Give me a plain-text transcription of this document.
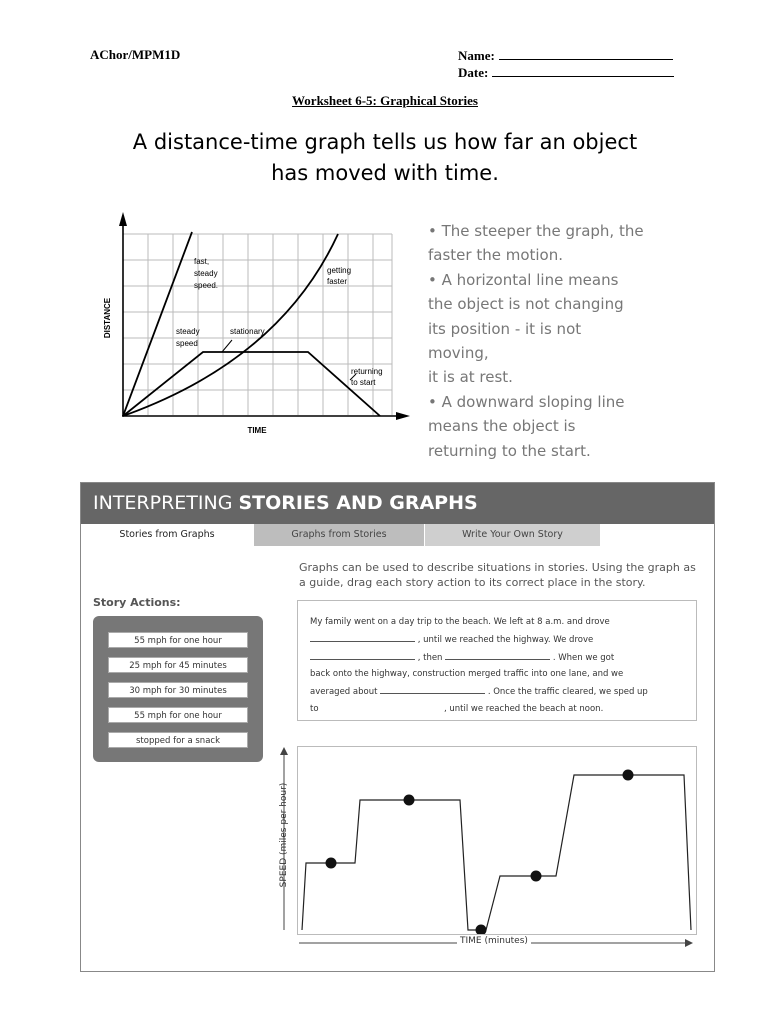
AChor/MPM1D	Name:
Date:
Worksheet 6-5: Graphical Stories
A distance-time graph tells us how far an object
has moved with time.
DISTANCE
TIME
fast,
steady
speed.
getting
faster
steady
speed
stationary
returning
to start
• The steeper the graph, the
faster the motion.
• A horizontal line means
the object is not changing
its position - it is not
moving,
it is at rest.
• A downward sloping line
means the object is
returning to the start.
INTERPRETING STORIES AND GRAPHS
Stories from Graphs	Graphs from Stories	Write Your Own Story
Graphs can be used to describe situations in stories. Using the graph as a guide, drag each story action to its correct place in the story.
Story Actions:
55 mph for one hour
25 mph for 45 minutes
30 mph for 30 minutes
55 mph for one hour
stopped for a snack
My family went on a day trip to the beach. We left at 8 a.m. and drove
, until we reached the highway. We drove
, then	. When we got
back onto the highway, construction merged traffic into one lane, and we
averaged about	. Once the traffic cleared, we sped up
to	, until we reached the beach at noon.
SPEED (miles per hour)
TIME (minutes)
